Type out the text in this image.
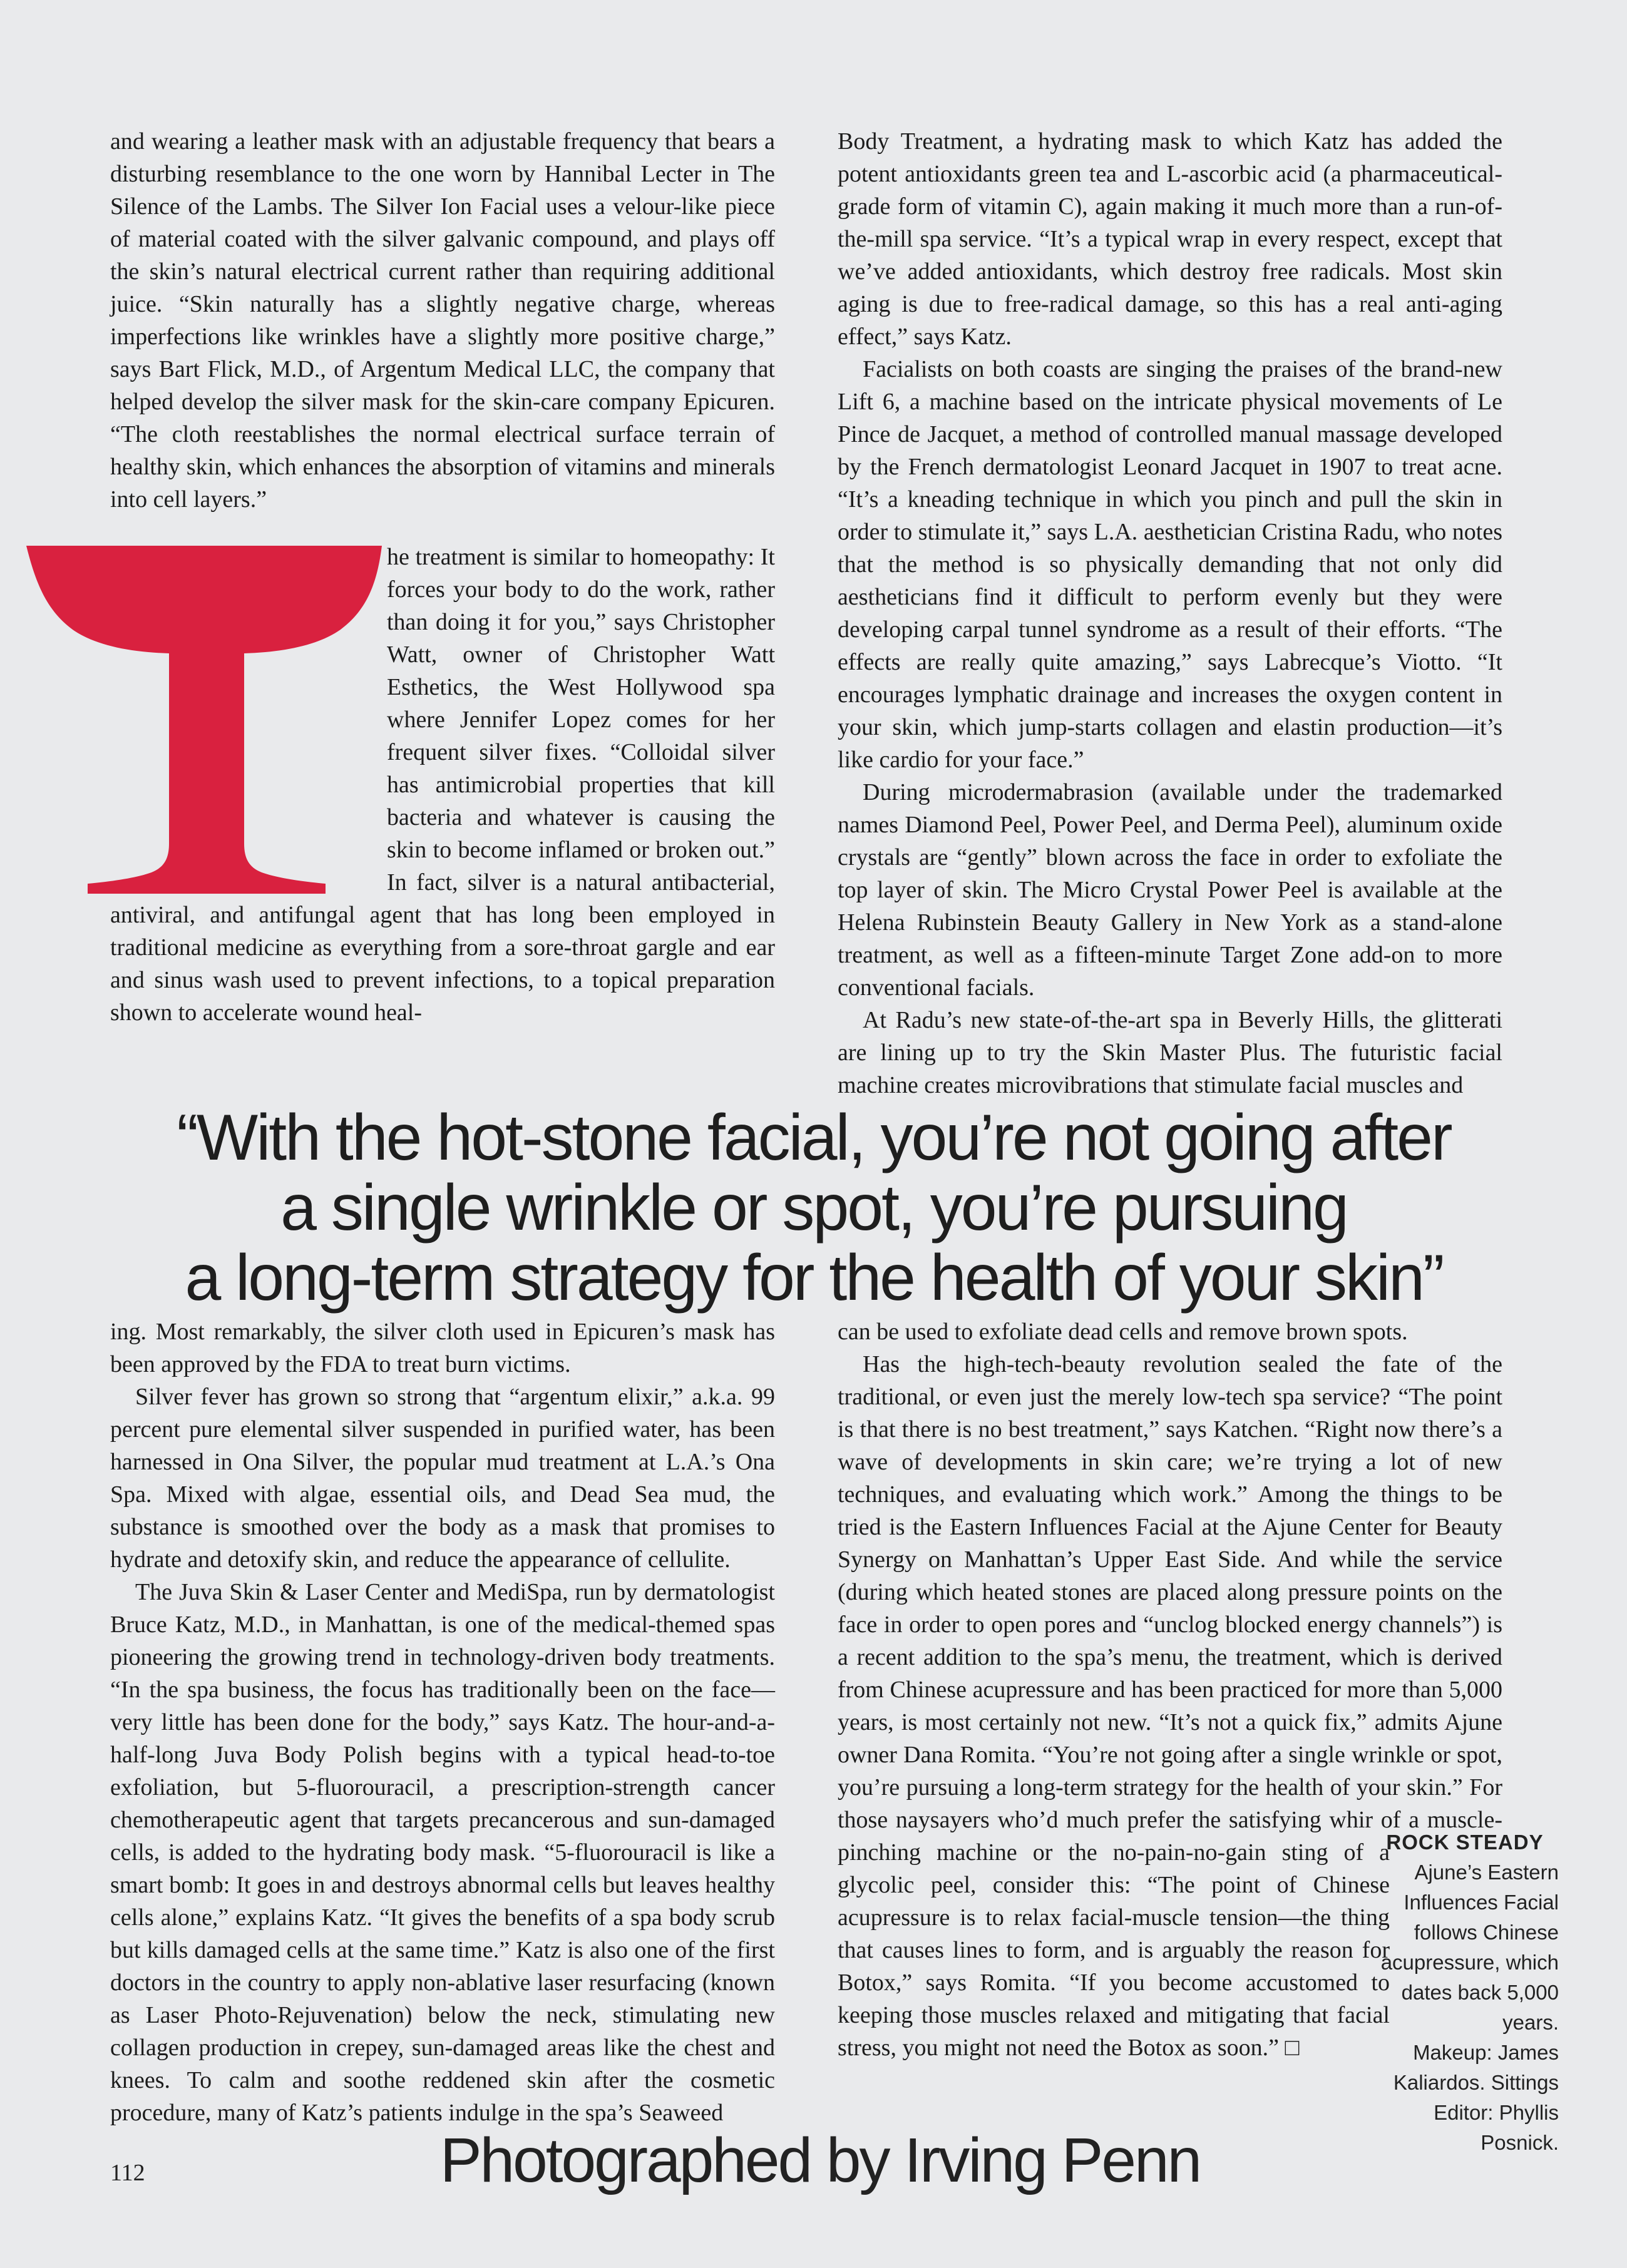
and wearing a leather mask with an adjustable frequency that bears a disturbing resemblance to the one worn by Hannibal Lecter in The Silence of the Lambs. The Silver Ion Facial uses a velour-like piece of material coated with the silver galvanic compound, and plays off the skin’s natural electrical current rather than requiring additional juice. “Skin naturally has a slightly negative charge, whereas imperfections like wrinkles have a slightly more positive charge,” says Bart Flick, M.D., of Argentum Medical LLC, the company that helped develop the silver mask for the skin-care company Epicuren. “The cloth reestablishes the normal electrical surface terrain of healthy skin, which enhances the absorption of vitamins and minerals into cell layers.”

he treatment is similar to homeopathy: It forces your body to do the work, rather than doing it for you,” says Christopher Watt, owner of Christopher Watt Esthetics, the West Hollywood spa where Jennifer Lopez comes for her frequent silver fixes. “Colloidal silver has antimicrobial properties that kill bacteria and whatever is causing the skin to become inflamed or broken out.” In fact, silver is a natural antibacterial, antiviral, and antifungal agent that has long been employed in traditional medicine as everything from a sore-throat gargle and ear and sinus wash used to prevent infections, to a topical preparation shown to accelerate wound heal-

Body Treatment, a hydrating mask to which Katz has added the potent antioxidants green tea and L-ascorbic acid (a pharmaceutical-grade form of vitamin C), again making it much more than a run-of-the-mill spa service. “It’s a typical wrap in every respect, except that we’ve added antioxidants, which destroy free radicals. Most skin aging is due to free-radical damage, so this has a real anti-aging effect,” says Katz.

Facialists on both coasts are singing the praises of the brand-new Lift 6, a machine based on the intricate physical movements of Le Pince de Jacquet, a method of controlled manual massage developed by the French dermatologist Leonard Jacquet in 1907 to treat acne. “It’s a kneading technique in which you pinch and pull the skin in order to stimulate it,” says L.A. aesthetician Cristina Radu, who notes that the method is so physically demanding that not only did aestheticians find it difficult to perform evenly but they were developing carpal tunnel syndrome as a result of their efforts. “The effects are really quite amazing,” says Labrecque’s Viotto. “It encourages lymphatic drainage and increases the oxygen content in your skin, which jump-starts collagen and elastin production—it’s like cardio for your face.”

During microdermabrasion (available under the trademarked names Diamond Peel, Power Peel, and Derma Peel), aluminum oxide crystals are “gently” blown across the face in order to exfoliate the top layer of skin. The Micro Crystal Power Peel is available at the Helena Rubinstein Beauty Gallery in New York as a stand-alone treatment, as well as a fifteen-minute Target Zone add-on to more conventional facials.

At Radu’s new state-of-the-art spa in Beverly Hills, the glitterati are lining up to try the Skin Master Plus. The futuristic facial machine creates microvibrations that stimulate facial muscles and

“With the hot-stone facial, you’re not going after
a single wrinkle or spot, you’re pursuing
a long-term strategy for the health of your skin”

ing. Most remarkably, the silver cloth used in Epicuren’s mask has been approved by the FDA to treat burn victims.

Silver fever has grown so strong that “argentum elixir,” a.k.a. 99 percent pure elemental silver suspended in purified water, has been harnessed in Ona Silver, the popular mud treatment at L.A.’s Ona Spa. Mixed with algae, essential oils, and Dead Sea mud, the substance is smoothed over the body as a mask that promises to hydrate and detoxify skin, and reduce the appearance of cellulite.

The Juva Skin & Laser Center and MediSpa, run by dermatologist Bruce Katz, M.D., in Manhattan, is one of the medical-themed spas pioneering the growing trend in technology-driven body treatments. “In the spa business, the focus has traditionally been on the face—very little has been done for the body,” says Katz. The hour-and-a-half-long Juva Body Polish begins with a typical head-to-toe exfoliation, but 5-fluorouracil, a prescription-strength cancer chemotherapeutic agent that targets precancerous and sun-damaged cells, is added to the hydrating body mask. “5-fluorouracil is like a smart bomb: It goes in and destroys abnormal cells but leaves healthy cells alone,” explains Katz. “It gives the benefits of a spa body scrub but kills damaged cells at the same time.” Katz is also one of the first doctors in the country to apply non-ablative laser resurfacing (known as Laser Photo-Rejuvenation) below the neck, stimulating new collagen production in crepey, sun-damaged areas like the chest and knees. To calm and soothe reddened skin after the cosmetic procedure, many of Katz’s patients indulge in the spa’s Seaweed

can be used to exfoliate dead cells and remove brown spots.

Has the high-tech-beauty revolution sealed the fate of the traditional, or even just the merely low-tech spa service? “The point is that there is no best treatment,” says Katchen. “Right now there’s a wave of developments in skin care; we’re trying a lot of new techniques, and evaluating which work.” Among the things to be tried is the Eastern Influences Facial at the Ajune Center for Beauty Synergy on Manhattan’s Upper East Side. And while the service (during which heated stones are placed along pressure points on the face in order to open pores and “unclog blocked energy channels”) is a recent addition to the spa’s menu, the treatment, which is derived from Chinese acupressure and has been practiced for more than 5,000 years, is most certainly not new. “It’s not a quick fix,” admits Ajune owner Dana Romita. “You’re not going after a single wrinkle or spot, you’re pursuing a long-term strategy for the health of your skin.” For those naysayers who’d much prefer the satisfying whir of a muscle-pinching machine or the no-pain-no-gain sting of a glycolic peel, consider this: “The point of Chinese acupressure is to relax facial-muscle tension—the thing that causes lines to form, and is arguably the reason for Botox,” says Romita. “If you become accustomed to keeping those muscles relaxed and mitigating that facial stress, you might not need the Botox as soon.” □

ROCK STEADY
Ajune’s Eastern Influences Facial follows Chinese acupressure, which dates back 5,000 years.
Makeup: James Kaliardos. Sittings Editor: Phyllis Posnick.
112	Photographed by Irving Penn
